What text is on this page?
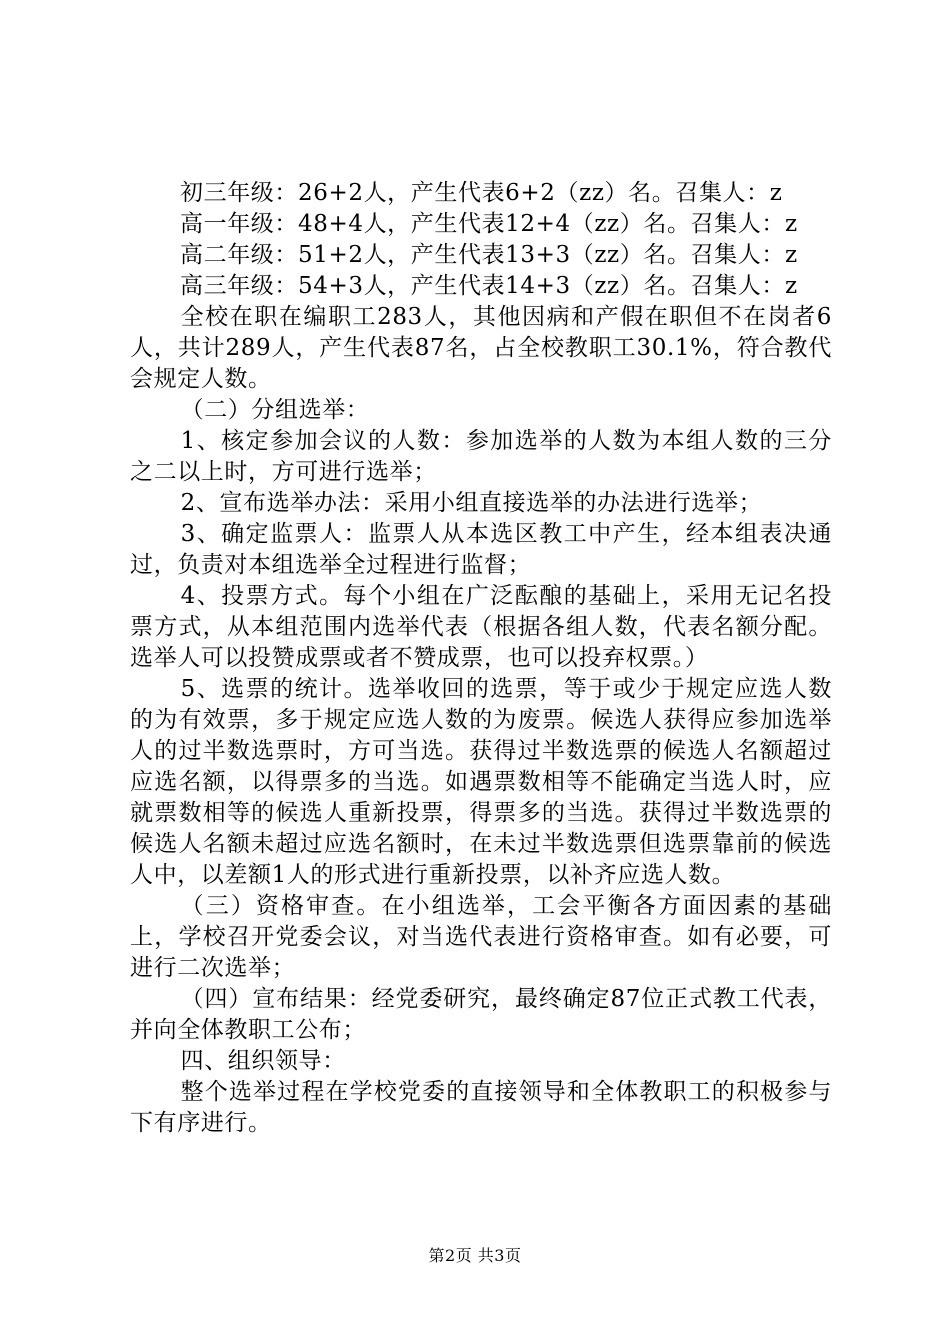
初三年级：26+2人，产生代表6+2（zz）名。召集人：z

高一年级：48+4人，产生代表12+4（zz）名。召集人：z

高二年级：51+2人，产生代表13+3（zz）名。召集人：z

高三年级：54+3人，产生代表14+3（zz）名。召集人：z

全校在职在编职工283人，其他因病和产假在职但不在岗者6人，共计289人，产生代表87名，占全校教职工30.1%，符合教代会规定人数。

（二）分组选举：

1、核定参加会议的人数：参加选举的人数为本组人数的三分之二以上时，方可进行选举；

2、宣布选举办法：采用小组直接选举的办法进行选举；

3、确定监票人：监票人从本选区教工中产生，经本组表决通过，负责对本组选举全过程进行监督；

4、投票方式。每个小组在广泛酝酿的基础上，采用无记名投票方式，从本组范围内选举代表（根据各组人数，代表名额分配。选举人可以投赞成票或者不赞成票，也可以投弃权票。）

5、选票的统计。选举收回的选票，等于或少于规定应选人数的为有效票，多于规定应选人数的为废票。候选人获得应参加选举人的过半数选票时，方可当选。获得过半数选票的候选人名额超过应选名额，以得票多的当选。如遇票数相等不能确定当选人时，应就票数相等的候选人重新投票，得票多的当选。获得过半数选票的候选人名额未超过应选名额时，在未过半数选票但选票靠前的候选人中，以差额1人的形式进行重新投票，以补齐应选人数。

（三）资格审查。在小组选举，工会平衡各方面因素的基础上，学校召开党委会议，对当选代表进行资格审查。如有必要，可进行二次选举；

（四）宣布结果：经党委研究，最终确定87位正式教工代表，并向全体教职工公布；

四、组织领导：

整个选举过程在学校党委的直接领导和全体教职工的积极参与下有序进行。

第2页 共3页
